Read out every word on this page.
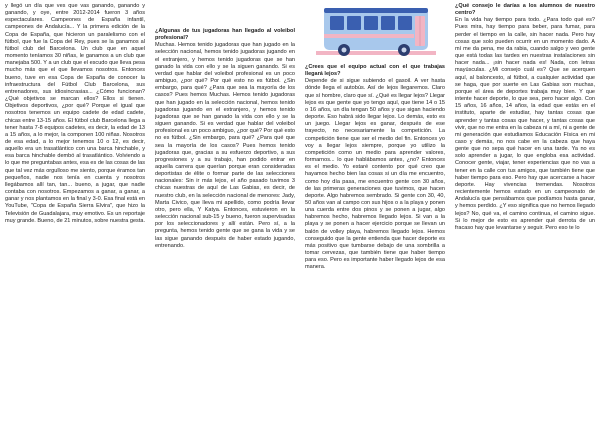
y llegó un día que ves que vas ganando, ganando y ganando, y oye, entre 2012-2014 fueron 3 años espectaculares. Campeones de España infantil, campeones de Andalucía... Y la primera edición de la Copa de España, que hicieron un paralelismo con el fútbol, que fue la Copa del Rey, pues se la ganamos al fútbol club del Barcelona. Un club que en aquel momento teníamos 30 niñas, le ganamos a un club que manejaba 500. Y a un club que el escudo que lleva pesa mucho más que el que llevamos nosotros. Entonces bueno, tuve en esa Copa de España de conocer la infraestructura del Fútbol Club Barcelona, sus entrenadores, sus idiosincrasias... ¿Cómo funcionan? ¿Qué objetivos se marcan ellos? Ellos si tienen. Objetivos deportivos, ¿por qué? Porque el igual que nosotros tenemos un equipo cadete de edad cadete, chicas entre 13-15 años. El fútbol club Barcelona llega a tener hasta 7-8 equipos cadetes, es decir, la edad de 13 a 15 años, a lo mejor, la componen 100 niñas. Nosotros de esa edad, a lo mejor tenemos 10 o 12, es decir, aquello era un trasatlántico con una barca hinchable, y esa barca hinchable dembó al trasatlántico. Volviendo a lo que me preguntabas antes, esa es de las cosas de las que tal vez más orgulloso me siento, porque éramos tan pequeños, nadie nos tenía en cuenta y nosotros llegábamos allí tan, tan... bueno, a jugar, que nadie contaba con nosotros. Empezamos a ganar, a ganar, a ganar y nos plantamos en la final y 3-0. Esa final está en YouTube, "Copa de España Sierra Elvira", que hizo la Televisión de Guadalajara, muy emotivo. Es un reportaje muy grande. Bueno, de 21 minutos, sobre nuestra gesta.

¿Algunas de tus jugadoras han llegado al voleibol profesional?

Muchas. Hemos tenido jugadoras que han jugado en la selección nacional, hemos tenido jugadoras jugando en el extranjero, y hemos tenido jugadoras que se han ganado la vida con ello y se la siguen ganando. Si es verdad que hablar del voleibol profesional es un poco ambiguo, ¿por qué? Por qué esto no es fútbol. ¿Sin embargo, para qué? ¿Para que sea la mayoría de los casos? Pues hemos Muchas. Hemos tenido jugadoras que han jugado en la selección nacional, hemos tenido jugadoras jugando en el extranjero, y hemos tenido jugadoras que se han ganado la vida con ello y se la siguen ganando. Si es verdad que hablar del voleibol profesional es un poco ambiguo, ¿por qué? Por qué esto no es fútbol. ¿Sin embargo, para qué? ¿Para qué que sea la mayoría de los casos? Pues hemos tenido jugadoras que, gracias a su esfuerzo deportivo, a sus progresiones y a su trabajo, han podido entrar en aquella carrera que querían porque eran consideradas deportistas de élite o formar parte de las selecciones nacionales: Sin ir más lejos, el año pasado tuvimos 3 chicas nuestras de aquí de Las Gabias, es decir, de nuestro club, en la selección nacional de menores: Jady, Marta Civico, que lleva mi apellido, como podría llevar otro, pero ella, Y Katya. Entonces, estuvieron en la selección nacional sub-15 y bueno, fueron supervisadas por los seleccionadores y allí están. Pero sí, a la pregunta, hemos tenido gente que se gana la vida y se las sigue ganando después de haber estado jugando, entrenando.

¿Crees que el equipo actual con el que trabajas llegará lejos?

Depende de si sigue subiendo el gasoil. A ver hasta dónde llega el autobús. Así de lejos llegaremos. Claro que sí hombre, claro que sí. ¿Qué es llegar lejos? Llegar lejos es que gente que yo tengo aquí, que tiene 14 o 15 o 16 años, un día tengan 50 años y que sigan haciendo deporte. Eso habrá sido llegar lejos. Lo demás, esto es un juego. Llegar lejos es ganar, después de ese trayecto, no necesariamente la competición. La competición tiene que ser el medio del fin. Entonces yo voy a llegar lejos siempre, porque yo utilizo la competición como un medio para aprender valores, formarnos... lo que hablábamos antes, ¿no? Entonces es el medio. Yo estaré contento por qué creo que hayamos hecho bien las cosas si un día me encuentro, como hoy día pasa, me encuentro gente con 30 años, de las primeras generaciones que tuvimos, que hacen deporte. Algo habremos sembrado. Si gente con 30, 40, 50 años van al campo con sus hijos o a la playa y ponen una cuerda entre dos pinos y se ponen a jugar, algo habremos hecho, habremos llegado lejos. Si van a la playa y se ponen a hacer ejercicio porque se llevan un balón de volley playa, habremos llegado lejos. Hemos conseguido que la gente entienda que hacer deporte es más positivo que tumbarse debajo de una sombrilla a tomar cervezas, que también tiene que haber tiempo para eso. Pero es importante haber llegado lejos de esa manera.

¿Qué consejo le darías a los alumnos de nuestro centro?

En la vida hay tiempo para todo. ¿Para todo qué es? Pues mira, hay tiempo para beber, para fumar, para perder el tiempo en la calle, sin hacer nada. Pero hay cosas que solo pueden ocurrir en un momento dado. A mí me da pena, me da rabia, cuando salgo y veo gente que está todas las tardes en nuestras instalaciones sin hacer nada... ¡sin hacer nada es! Nada, con letras mayúsculas. ¿Mi consejo cuál es? Que se acerquen aquí, al baloncesto, al fútbol, a cualquier actividad que se haga, que por suerte en Las Gabias son muchas, porque el área de deportes trabaja muy bien. Y que intente hacer deporte, lo que sea, pero hacer algo. Con 15 años, 16 años, 14 años, la edad que estás en el instituto, aparte de estudiar, hay tantas cosas que aprender y tantas cosas que hacer, y tantas cosas que vivir, que no me entra en la cabeza ni a mí, ni a gente de mi generación que estudiamos Educación Física en mi caso y demás, no nos cabe en la cabeza que haya gente que no sepa qué hacer en una tarde. Ya no es solo aprender a jugar, lo que engloba esa actividad. Conocer gente, viajar, tener experiencias que no vas a tener en la calle con tus amigos, que también tiene que haber tiempo para eso. Pero hay que acercarse a hacer deporte. Hay vivencias tremendas. Nosotros recientemente hemos estado en un campeonato de Andalucía que pensábamos que podíamos hasta ganar, y hemos perdido. ¿Y eso significa que no hemos llegado lejos? No, qué va, el camino continua, el camino sigue. Si lo mejor de esto es aprender qué derrota de un fracaso hay que levantarse y seguir. Pero eso te lo
